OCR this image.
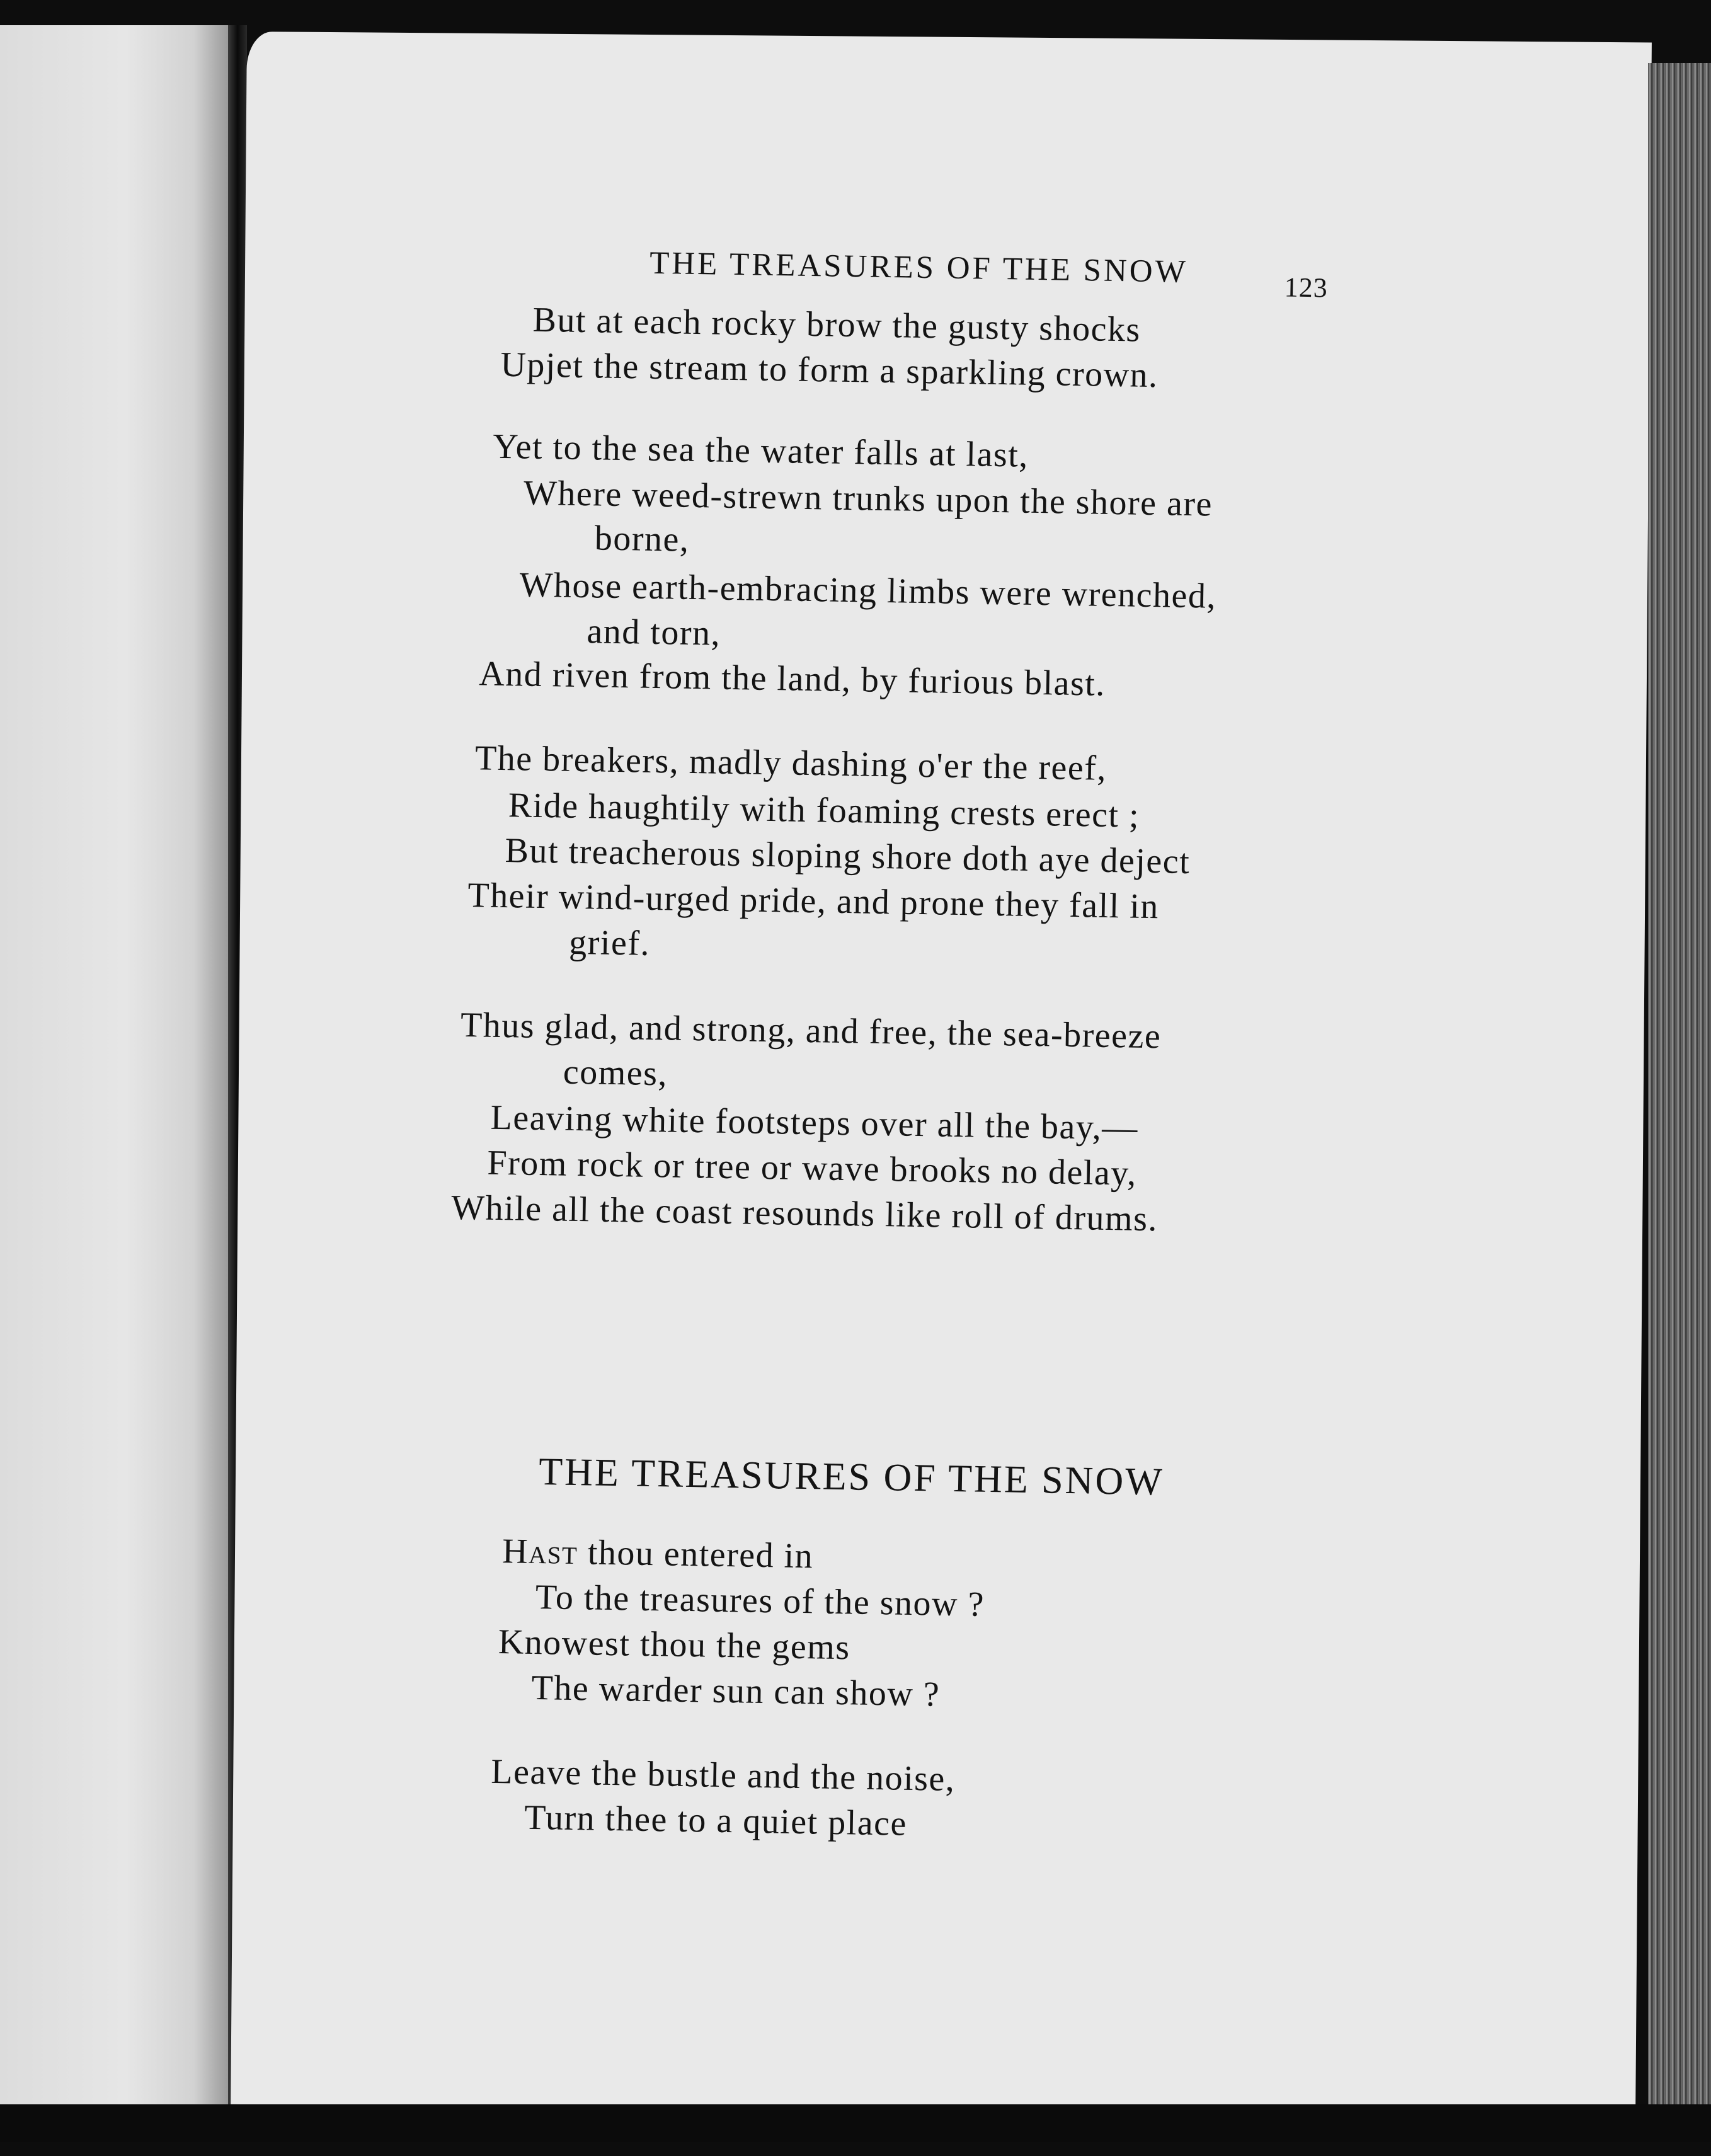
THE TREASURES OF THE SNOW	123

But at each rocky brow the gusty shocks

Upjet the stream to form a sparkling crown.

Yet to the sea the water falls at last,

Where weed-strewn trunks upon the shore are

borne,

Whose earth-embracing limbs were wrenched,

and torn,

And riven from the land, by furious blast.

The breakers, madly dashing o'er the reef,

Ride haughtily with foaming crests erect ;

But treacherous sloping shore doth aye deject

Their wind-urged pride, and prone they fall in

grief.

Thus glad, and strong, and free, the sea-breeze

comes,

Leaving white footsteps over all the bay,—

From rock or tree or wave brooks no delay,

While all the coast resounds like roll of drums.

THE TREASURES OF THE SNOW

Hast thou entered in

To the treasures of the snow ?

Knowest thou the gems

The warder sun can show ?

Leave the bustle and the noise,

Turn thee to a quiet place
